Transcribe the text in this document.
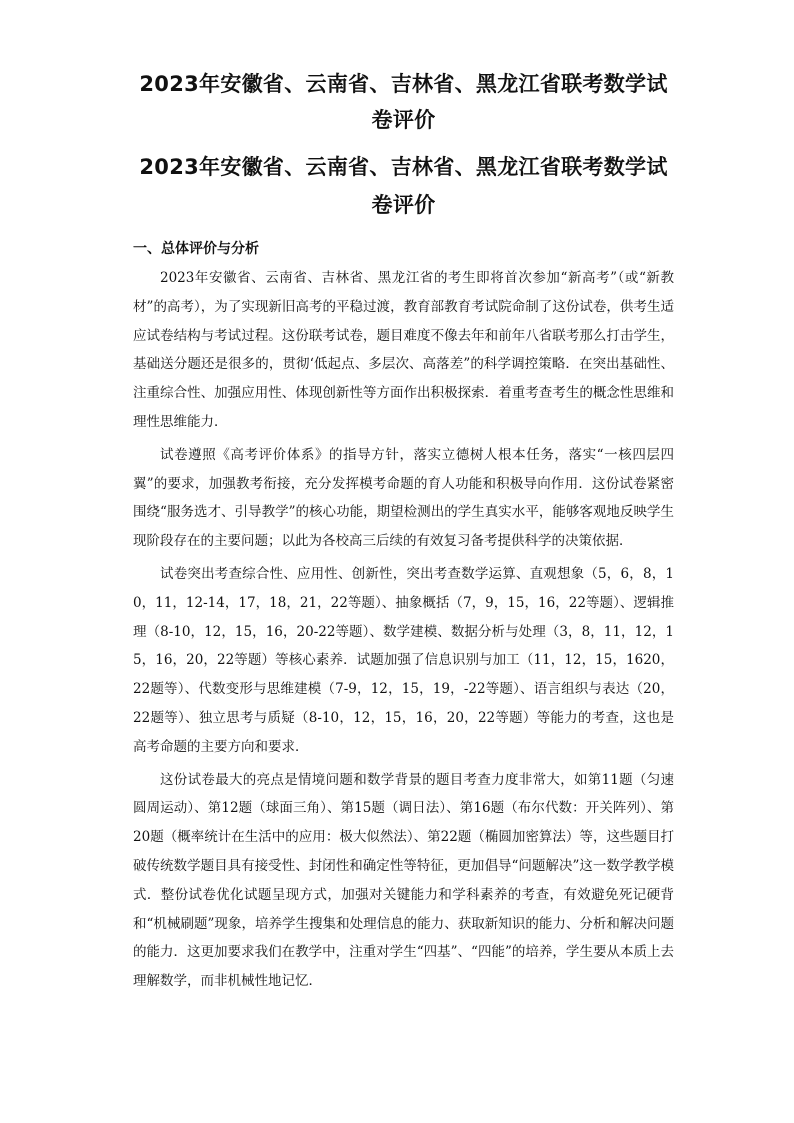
2023年安徽省、云南省、吉林省、黑龙江省联考数学试卷评价
2023年安徽省、云南省、吉林省、黑龙江省联考数学试卷评价
一、总体评价与分析

2023年安徽省、云南省、吉林省、黑龙江省的考生即将首次参加“新高考”（或“新教材”的高考），为了实现新旧高考的平稳过渡，教育部教育考试院命制了这份试卷，供考生适应试卷结构与考试过程。这份联考试卷，题目难度不像去年和前年八省联考那么打击学生，基础送分题还是很多的，贯彻‘低起点、多层次、高落差”的科学调控策略．在突出基础性、注重综合性、加强应用性、体现创新性等方面作出积极探索．着重考查考生的概念性思维和理性思维能力．

试卷遵照《高考评价体系》的指导方针，落实立德树人根本任务，落实“一核四层四翼”的要求，加强教考衔接，充分发挥模考命题的育人功能和积极导向作用．这份试卷紧密围绕“服务选才、引导教学”的核心功能，期望检测出的学生真实水平，能够客观地反映学生现阶段存在的主要问题；以此为各校高三后续的有效复习备考提供科学的决策依据．

试卷突出考查综合性、应用性、创新性，突出考查数学运算、直观想象（5，6，8，10，11，12-14，17，18，21，22等题）、抽象概括（7，9，15，16，22等题）、逻辑推理（8-10，12，15，16，20-22等题）、数学建模、数据分析与处理（3，8，11，12，15，16，20，22等题）等核心素养．试题加强了信息识别与加工（11，12，15，1620，22题等）、代数变形与思维建模（7-9，12，15，19，-22等题）、语言组织与表达（20，22题等）、独立思考与质疑（8-10，12，15，16，20，22等题）等能力的考查，这也是高考命题的主要方向和要求．

这份试卷最大的亮点是情境问题和数学背景的题目考查力度非常大，如第11题（匀速圆周运动）、第12题（球面三角）、第15题（调日法）、第16题（布尔代数：开关阵列）、第20题（概率统计在生活中的应用：极大似然法）、第22题（椭圆加密算法）等，这些题目打破传统数学题目具有接受性、封闭性和确定性等特征，更加倡导“问题解决”这一数学教学模式．整份试卷优化试题呈现方式，加强对关键能力和学科素养的考查，有效避免死记硬背和“机械刷题”现象，培养学生搜集和处理信息的能力、获取新知识的能力、分析和解决问题的能力．这更加要求我们在教学中，注重对学生“四基”、“四能”的培养，学生要从本质上去理解数学，而非机械性地记忆．
